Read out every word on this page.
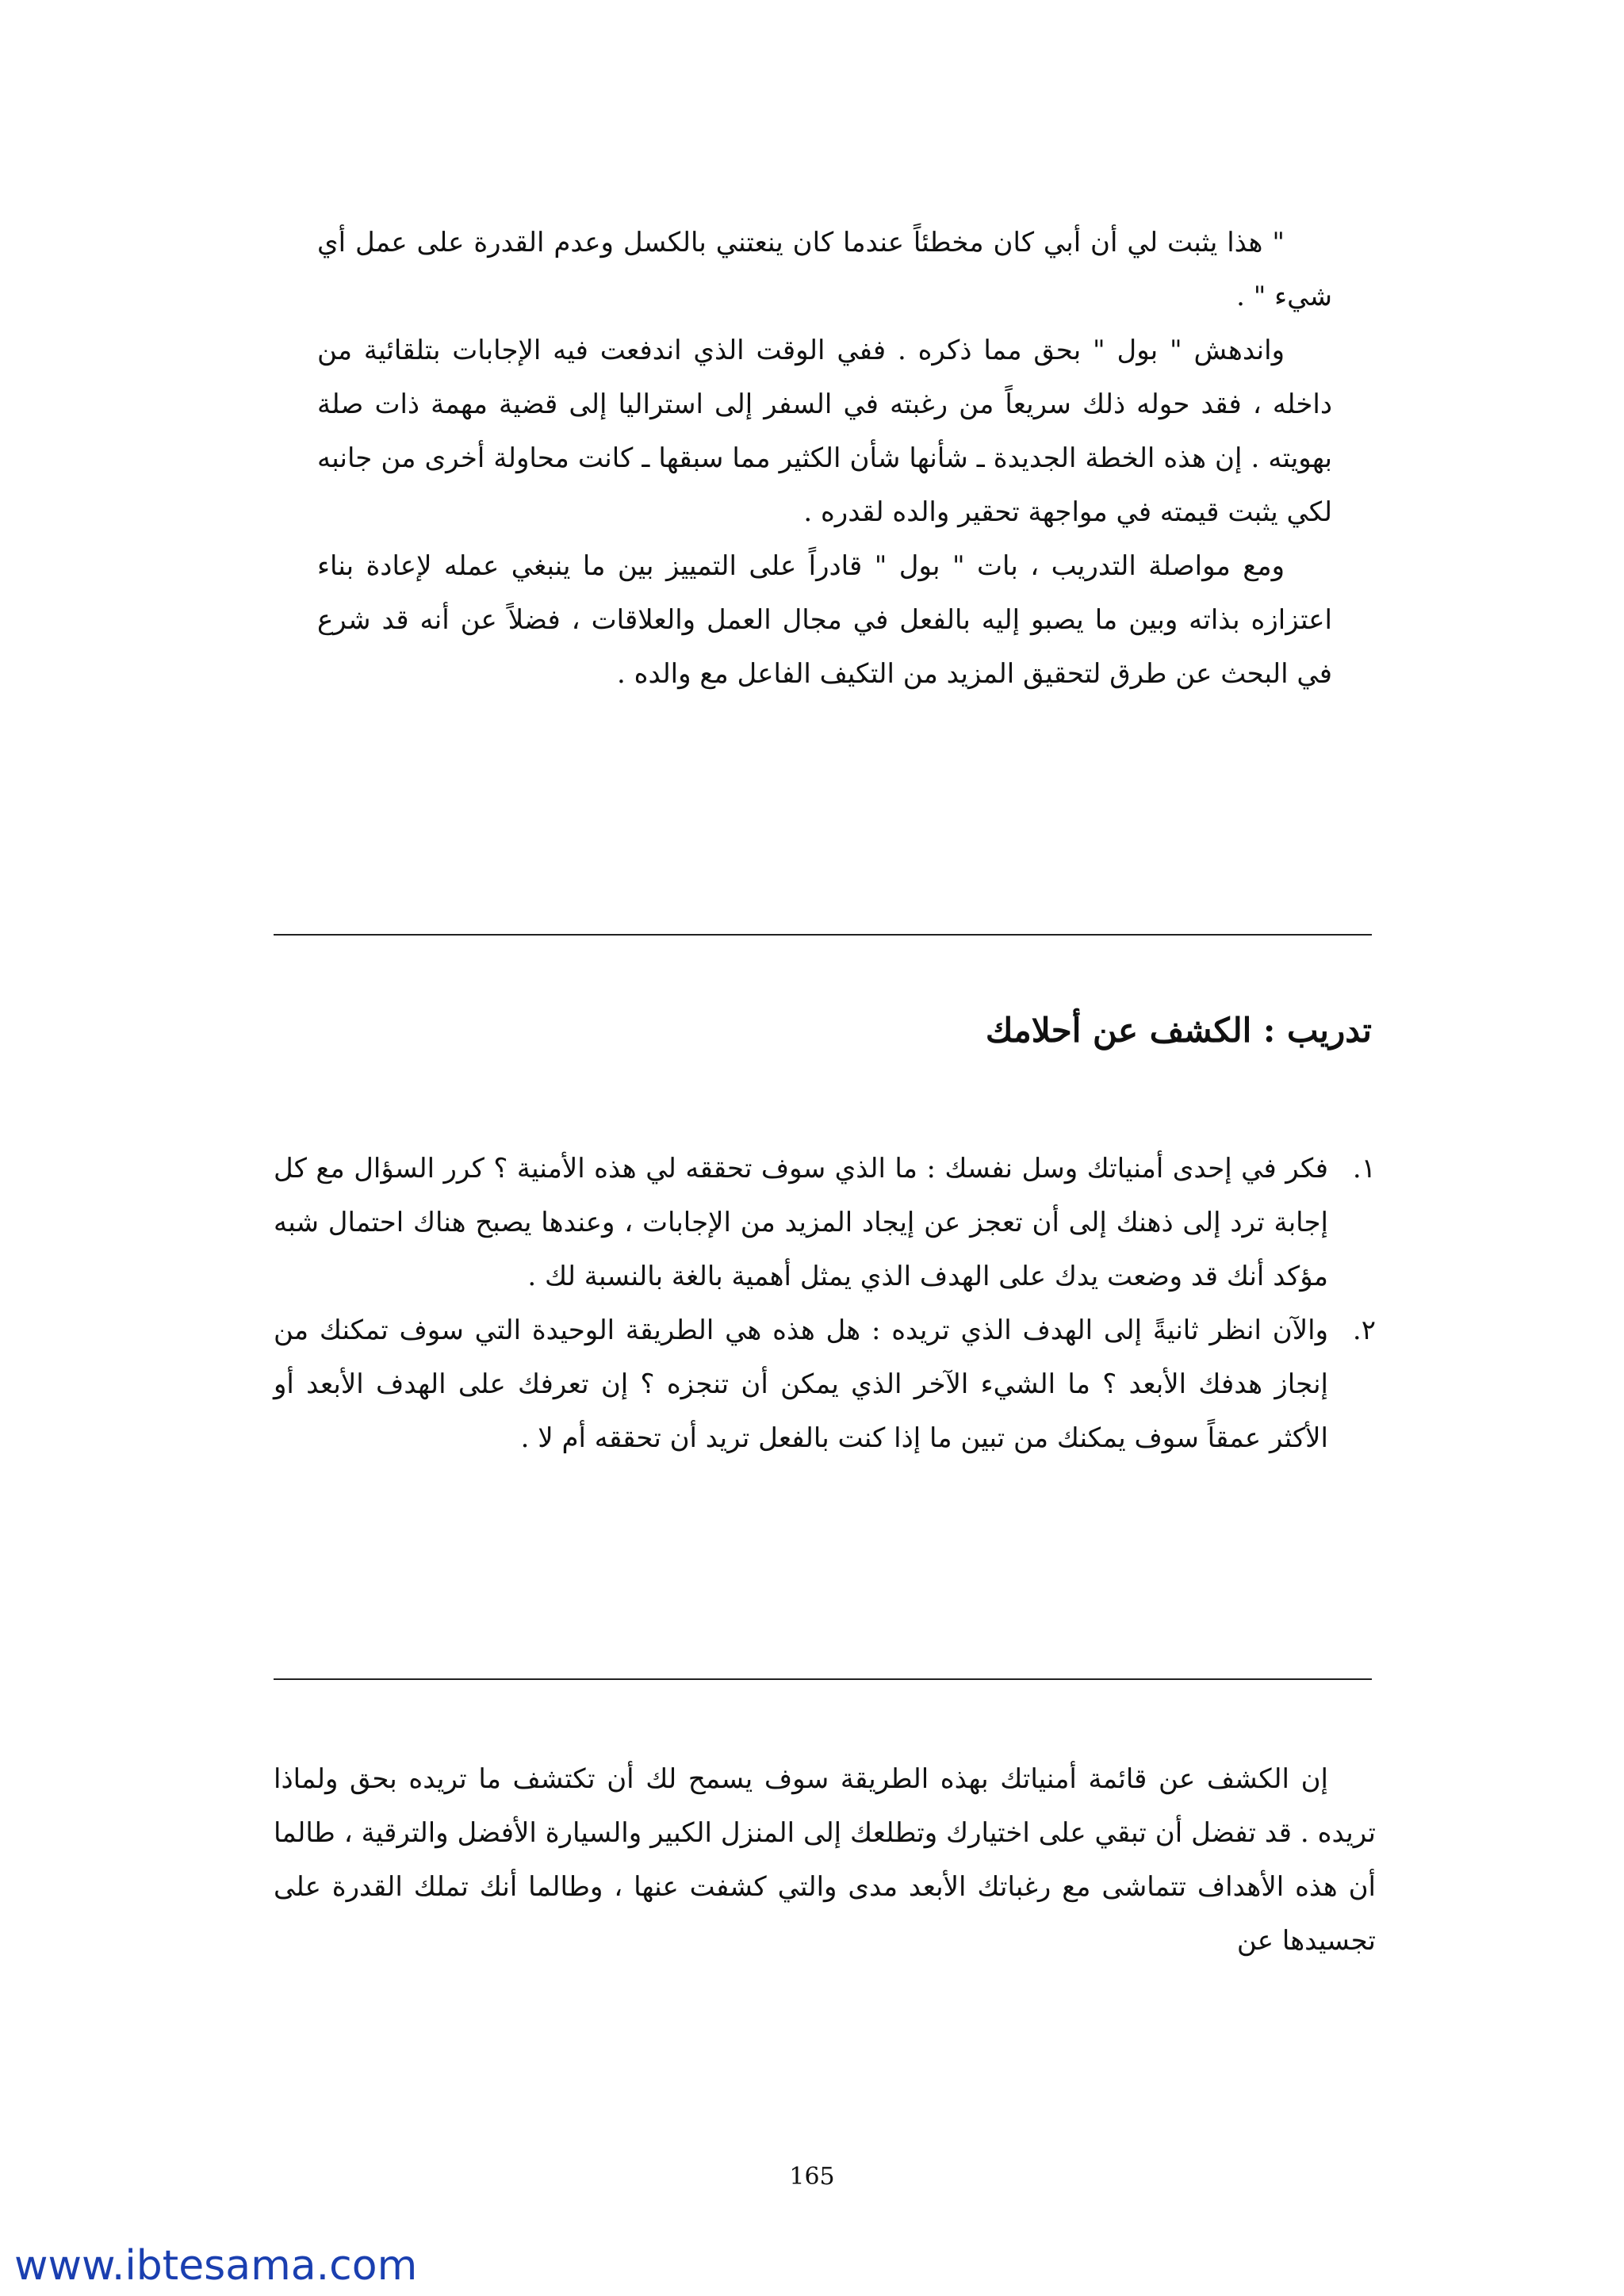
" هذا يثبت لي أن أبي كان مخطئاً عندما كان ينعتني بالكسل وعدم القدرة على عمل أي شيء " .

واندهش " بول " بحق مما ذكره . ففي الوقت الذي اندفعت فيه الإجابات بتلقائية من داخله ، فقد حوله ذلك سريعاً من رغبته في السفر إلى استراليا إلى قضية مهمة ذات صلة بهويته . إن هذه الخطة الجديدة ـ شأنها شأن الكثير مما سبقها ـ كانت محاولة أخرى من جانبه لكي يثبت قيمته في مواجهة تحقير والده لقدره .

ومع مواصلة التدريب ، بات " بول " قادراً على التمييز بين ما ينبغي عمله لإعادة بناء اعتزازه بذاته وبين ما يصبو إليه بالفعل في مجال العمل والعلاقات ، فضلاً عن أنه قد شرع في البحث عن طرق لتحقيق المزيد من التكيف الفاعل مع والده .

تدريب : الكشف عن أحلامك
١.
فكر في إحدى أمنياتك وسل نفسك : ما الذي سوف تحققه لي هذه الأمنية ؟ كرر السؤال مع كل إجابة ترد إلى ذهنك إلى أن تعجز عن إيجاد المزيد من الإجابات ، وعندها يصبح هناك احتمال شبه مؤكد أنك قد وضعت يدك على الهدف الذي يمثل أهمية بالغة بالنسبة لك .
٢.
والآن انظر ثانيةً إلى الهدف الذي تريده : هل هذه هي الطريقة الوحيدة التي سوف تمكنك من إنجاز هدفك الأبعد ؟ ما الشيء الآخر الذي يمكن أن تنجزه ؟ إن تعرفك على الهدف الأبعد أو الأكثر عمقاً سوف يمكنك من تبين ما إذا كنت بالفعل تريد أن تحققه أم لا .

إن الكشف عن قائمة أمنياتك بهذه الطريقة سوف يسمح لك أن تكتشف ما تريده بحق ولماذا تريده . قد تفضل أن تبقي على اختيارك وتطلعك إلى المنزل الكبير والسيارة الأفضل والترقية ، طالما أن هذه الأهداف تتماشى مع رغباتك الأبعد مدى والتي كشفت عنها ، وطالما أنك تملك القدرة على تجسيدها عن

165

www.ibtesama.com
